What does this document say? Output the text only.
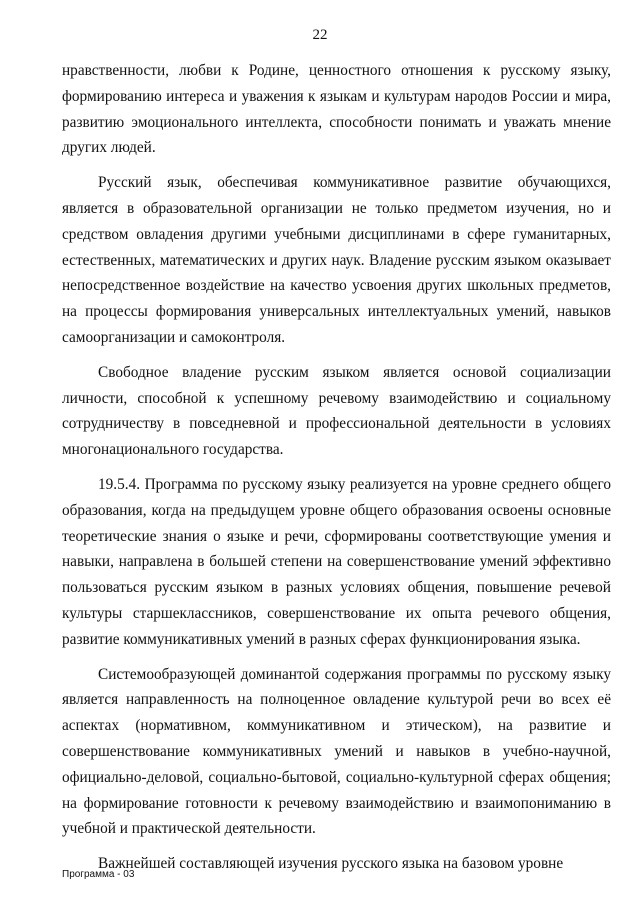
22

нравственности, любви к Родине, ценностного отношения к русскому языку, формированию интереса и уважения к языкам и культурам народов России и мира, развитию эмоционального интеллекта, способности понимать и уважать мнение других людей.

Русский язык, обеспечивая коммуникативное развитие обучающихся, является в образовательной организации не только предметом изучения, но и средством овладения другими учебными дисциплинами в сфере гуманитарных, естественных, математических и других наук. Владение русским языком оказывает непосредственное воздействие на качество усвоения других школьных предметов, на процессы формирования универсальных интеллектуальных умений, навыков самоорганизации и самоконтроля.

Свободное владение русским языком является основой социализации личности, способной к успешному речевому взаимодействию и социальному сотрудничеству в повседневной и профессиональной деятельности в условиях многонационального государства.

19.5.4. Программа по русскому языку реализуется на уровне среднего общего образования, когда на предыдущем уровне общего образования освоены основные теоретические знания о языке и речи, сформированы соответствующие умения и навыки, направлена в большей степени на совершенствование умений эффективно пользоваться русским языком в разных условиях общения, повышение речевой культуры старшеклассников, совершенствование их опыта речевого общения, развитие коммуникативных умений в разных сферах функционирования языка.

Системообразующей доминантой содержания программы по русскому языку является направленность на полноценное овладение культурой речи во всех её аспектах (нормативном, коммуникативном и этическом), на развитие и совершенствование коммуникативных умений и навыков в учебно-научной, официально-деловой, социально-бытовой, социально-культурной сферах общения; на формирование готовности к речевому взаимодействию и взаимопониманию в учебной и практической деятельности.

Важнейшей составляющей изучения русского языка на базовом уровне

Программа - 03
